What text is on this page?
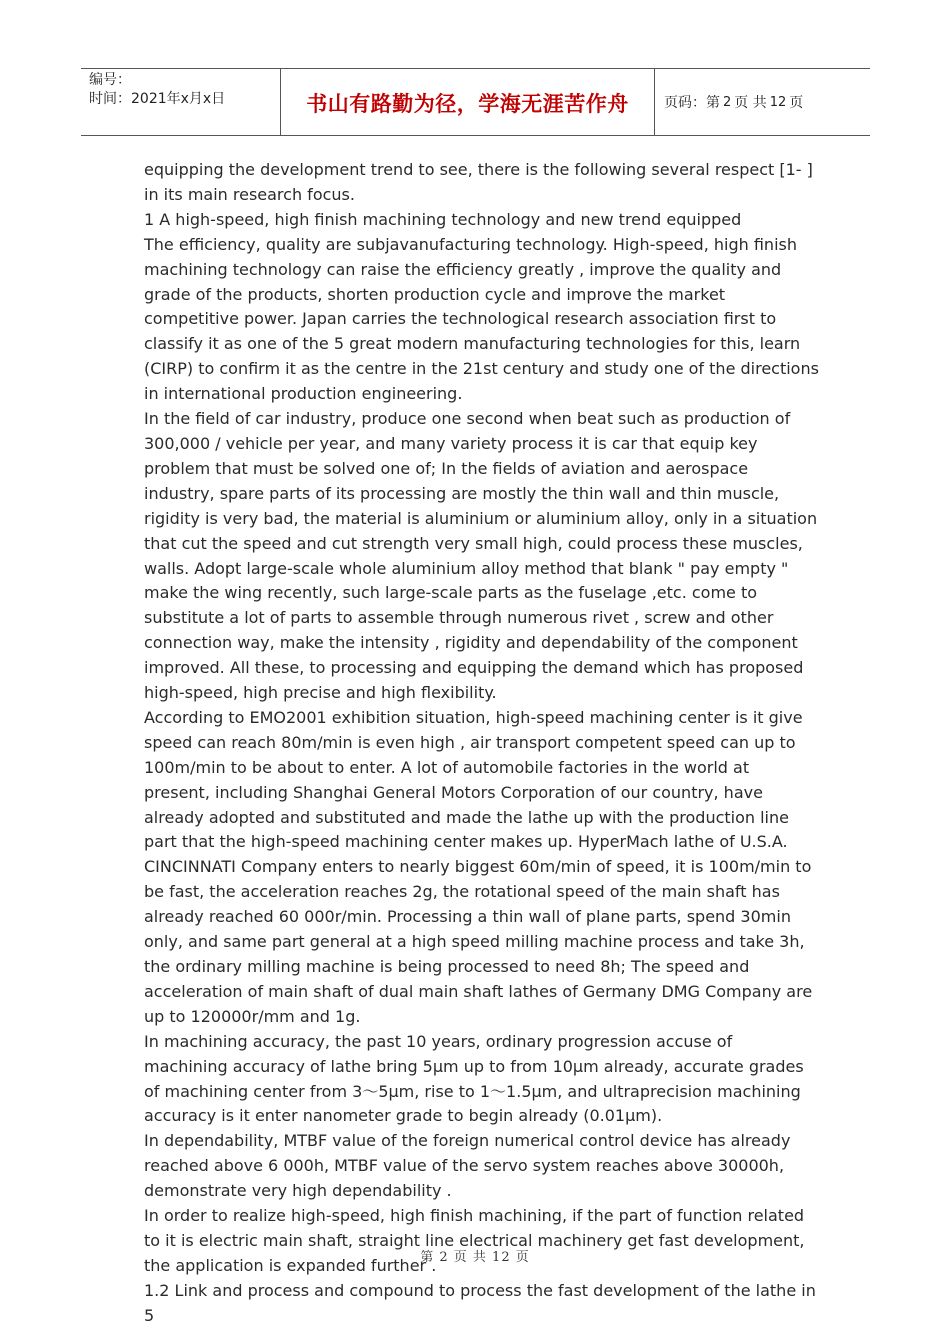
编号：
时间：2021年x月x日	书山有路勤为径，学海无涯苦作舟	页码：第 2 页 共 12 页

equipping the development trend to see, there is the following several respect [1- ] in its main research focus.

1 A high-speed, high finish machining technology and new trend equipped

The efficiency, quality are subjavanufacturing technology. High-speed, high finish machining technology can raise the efficiency greatly , improve the quality and grade of the products, shorten production cycle and improve the market competitive power. Japan carries the technological research association first to classify it as one of the 5 great modern manufacturing technologies for this, learn (CIRP) to confirm it as the centre in the 21st century and study one of the directions in international production engineering.

In the field of car industry, produce one second when beat such as production of 300,000 / vehicle per year, and many variety process it is car that equip key problem that must be solved one of; In the fields of aviation and aerospace industry, spare parts of its processing are mostly the thin wall and thin muscle, rigidity is very bad, the material is aluminium or aluminium alloy, only in a situation that cut the speed and cut strength very small high, could process these muscles, walls. Adopt large-scale whole aluminium alloy method that blank " pay empty " make the wing recently, such large-scale parts as the fuselage ,etc. come to substitute a lot of parts to assemble through numerous rivet , screw and other connection way, make the intensity , rigidity and dependability of the component improved. All these, to processing and equipping the demand which has proposed high-speed, high precise and high flexibility.

According to EMO2001 exhibition situation, high-speed machining center is it give speed can reach 80m/min is even high , air transport competent speed can up to 100m/min to be about to enter. A lot of automobile factories in the world at present, including Shanghai General Motors Corporation of our country, have already adopted and substituted and made the lathe up with the production line part that the high-speed machining center makes up. HyperMach lathe of U.S.A. CINCINNATI Company enters to nearly biggest 60m/min of speed, it is 100m/min to be fast, the acceleration reaches 2g, the rotational speed of the main shaft has already reached 60 000r/min. Processing a thin wall of plane parts, spend 30min only, and same part general at a high speed milling machine process and take 3h, the ordinary milling machine is being processed to need 8h; The speed and acceleration of main shaft of dual main shaft lathes of Germany DMG Company are up to 120000r/mm and 1g.

In machining accuracy, the past 10 years, ordinary progression accuse of machining accuracy of lathe bring 5μm up to from 10μm already, accurate grades of machining center from 3～5μm, rise to 1～1.5μm, and ultraprecision machining accuracy is it enter nanometer grade to begin already (0.01μm).

In dependability, MTBF value of the foreign numerical control device has already reached above 6 000h, MTBF value of the servo system reaches above 30000h, demonstrate very high dependability .

In order to realize high-speed, high finish machining, if the part of function related to it is electric main shaft, straight line electrical machinery get fast development, the application is expanded further .

1.2 Link and process and compound to process the fast development of the lathe in 5

第 2 页 共 12 页
